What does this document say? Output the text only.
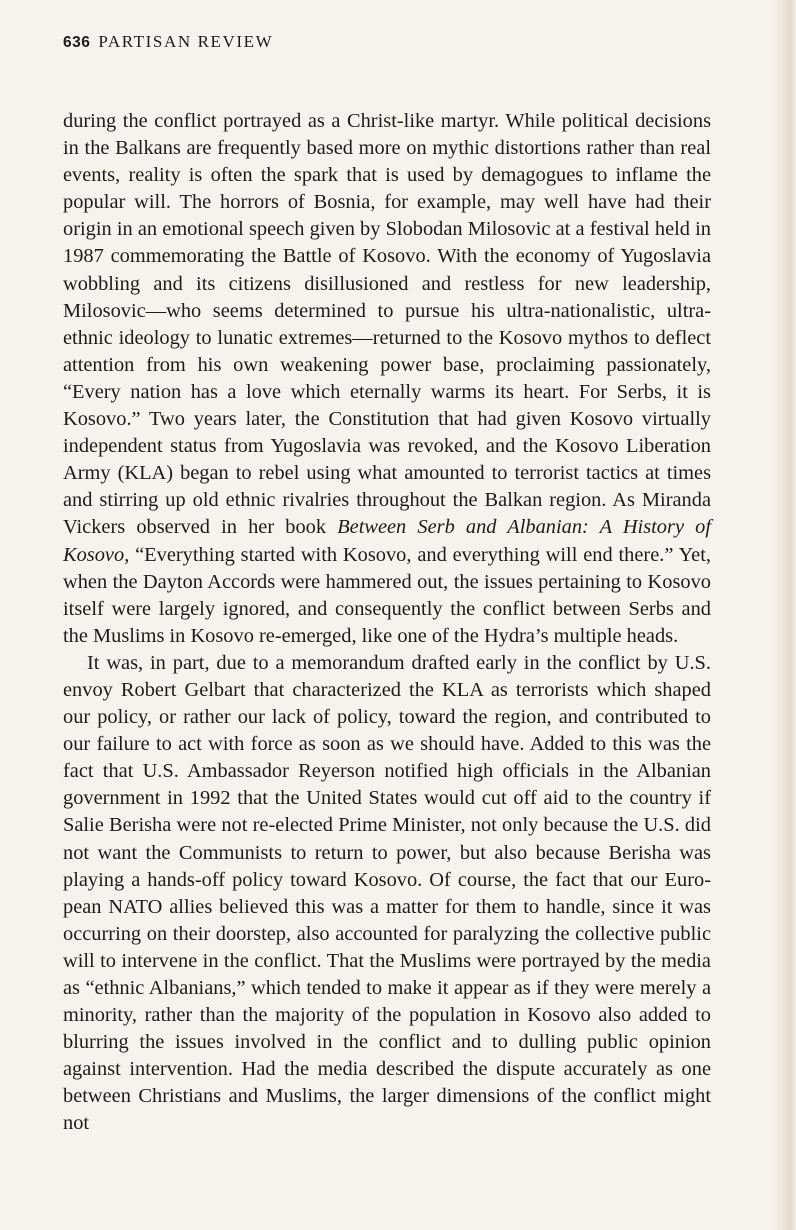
636 PARTISAN REVIEW

during the conflict portrayed as a Christ-like martyr. While political decisions in the Balkans are frequently based more on mythic distortions rather than real events, reality is often the spark that is used by demagogues to inflame the popular will. The horrors of Bosnia, for example, may well have had their origin in an emotional speech given by Slobodan Milosovic at a festival held in 1987 commemorating the Battle of Kosovo. With the economy of Yugoslavia wobbling and its citizens disillusioned and restless for new leadership, Milosovic—who seems determined to pursue his ultra-nationalistic, ultra-ethnic ideology to lunatic extremes—returned to the Kosovo mythos to deflect attention from his own weakening power base, proclaiming passionately, “Every nation has a love which eternally warms its heart. For Serbs, it is Kosovo.” Two years later, the Constitution that had given Kosovo virtually independent status from Yugoslavia was revoked, and the Kosovo Liberation Army (KLA) began to rebel using what amounted to terrorist tactics at times and stirring up old ethnic rivalries throughout the Balkan region. As Miranda Vickers observed in her book Between Serb and Albanian: A History of Kosovo, “Everything started with Kosovo, and everything will end there.” Yet, when the Dayton Accords were hammered out, the issues pertaining to Kosovo itself were largely ignored, and consequently the conflict between Serbs and the Muslims in Kosovo re-emerged, like one of the Hydra’s multiple heads.

It was, in part, due to a memorandum drafted early in the conflict by U.S. envoy Robert Gelbart that characterized the KLA as terrorists which shaped our policy, or rather our lack of policy, toward the region, and contributed to our failure to act with force as soon as we should have. Added to this was the fact that U.S. Ambassador Reyerson notified high officials in the Albanian government in 1992 that the United States would cut off aid to the country if Salie Berisha were not re-elected Prime Minister, not only because the U.S. did not want the Communists to return to power, but also because Berisha was playing a hands-off policy toward Kosovo. Of course, the fact that our European NATO allies believed this was a matter for them to handle, since it was occurring on their doorstep, also accounted for paralyzing the collective public will to intervene in the conflict. That the Muslims were portrayed by the media as “ethnic Albanians,” which tended to make it appear as if they were merely a minority, rather than the majority of the population in Kosovo also added to blurring the issues involved in the conflict and to dulling public opinion against intervention. Had the media described the dispute accurately as one between Christians and Muslims, the larger dimensions of the conflict might not
